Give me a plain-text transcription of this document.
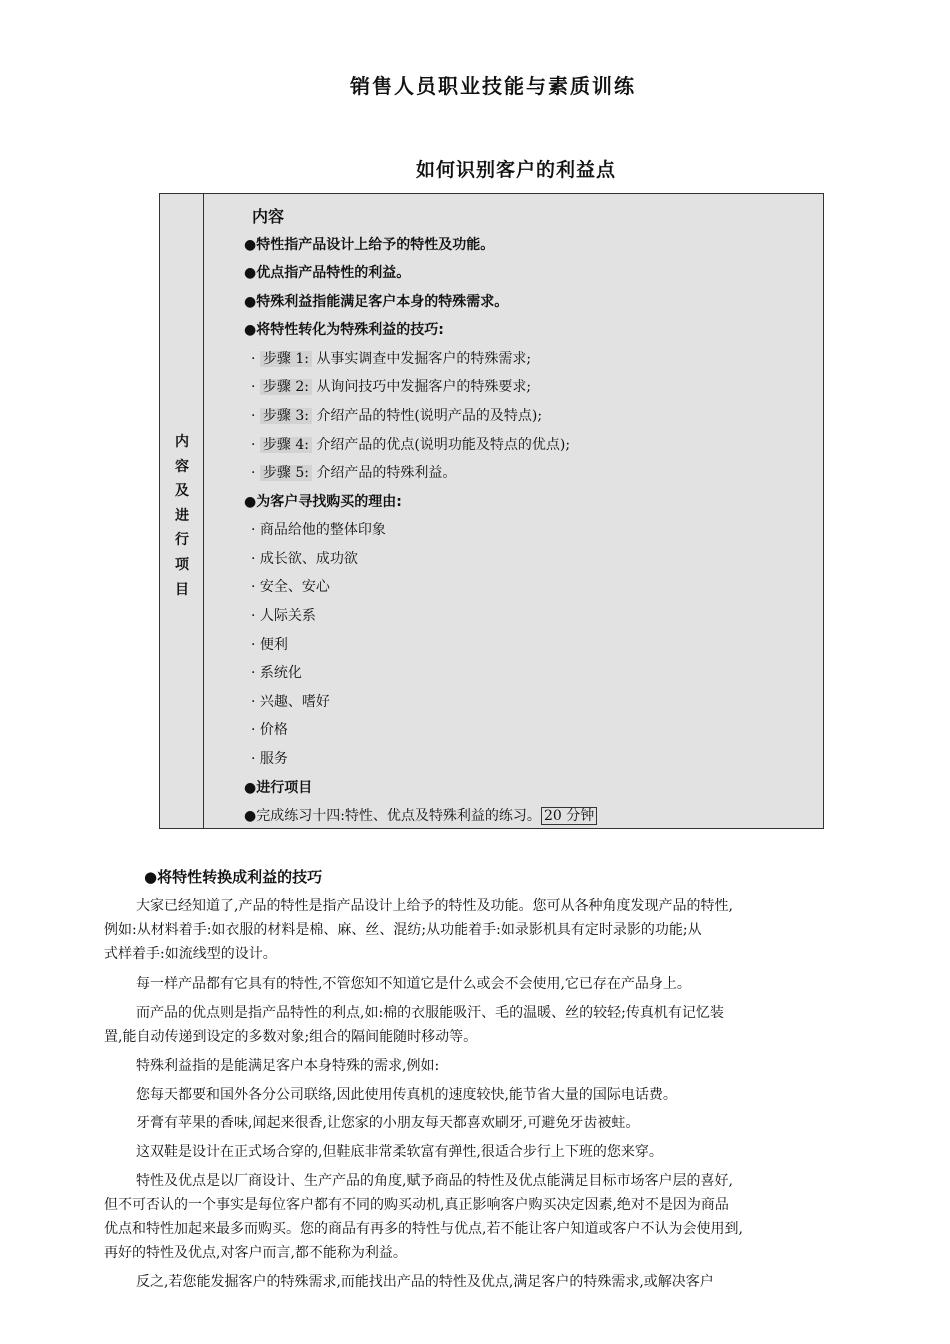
销售人员职业技能与素质训练
如何识别客户的利益点
内
容
及
进
行
项
目
内容
●特性指产品设计上给予的特性及功能。
●优点指产品特性的利益。
●特殊利益指能满足客户本身的特殊需求。
●将特性转化为特殊利益的技巧:
· 步骤 1: 从事实调查中发掘客户的特殊需求;
· 步骤 2: 从询问技巧中发掘客户的特殊要求;
· 步骤 3: 介绍产品的特性(说明产品的及特点);
· 步骤 4: 介绍产品的优点(说明功能及特点的优点);
· 步骤 5: 介绍产品的特殊利益。
●为客户寻找购买的理由:
· 商品给他的整体印象
· 成长欲、成功欲
· 安全、安心
· 人际关系
· 便利
· 系统化
· 兴趣、嗜好
· 价格
· 服务
●进行项目
●完成练习十四:特性、优点及特殊利益的练习。 20 分钟
●将特性转换成利益的技巧

大家已经知道了,产品的特性是指产品设计上给予的特性及功能。您可从各种角度发现产品的特性,

例如:从材料着手:如衣服的材料是棉、麻、丝、混纺;从功能着手:如录影机具有定时录影的功能;从

式样着手:如流线型的设计。

每一样产品都有它具有的特性,不管您知不知道它是什么或会不会使用,它已存在产品身上。

而产品的优点则是指产品特性的利点,如:棉的衣服能吸汗、毛的温暖、丝的较轻;传真机有记忆装

置,能自动传递到设定的多数对象;组合的隔间能随时移动等。

特殊利益指的是能满足客户本身特殊的需求,例如:

您每天都要和国外各分公司联络,因此使用传真机的速度较快,能节省大量的国际电话费。

牙膏有苹果的香味,闻起来很香,让您家的小朋友每天都喜欢刷牙,可避免牙齿被蛀。

这双鞋是设计在正式场合穿的,但鞋底非常柔软富有弹性,很适合步行上下班的您来穿。

特性及优点是以厂商设计、生产产品的角度,赋予商品的特性及优点能满足目标市场客户层的喜好,

但不可否认的一个事实是每位客户都有不同的购买动机,真正影响客户购买决定因素,绝对不是因为商品

优点和特性加起来最多而购买。您的商品有再多的特性与优点,若不能让客户知道或客户不认为会使用到,

再好的特性及优点,对客户而言,都不能称为利益。

反之,若您能发掘客户的特殊需求,而能找出产品的特性及优点,满足客户的特殊需求,或解决客户
